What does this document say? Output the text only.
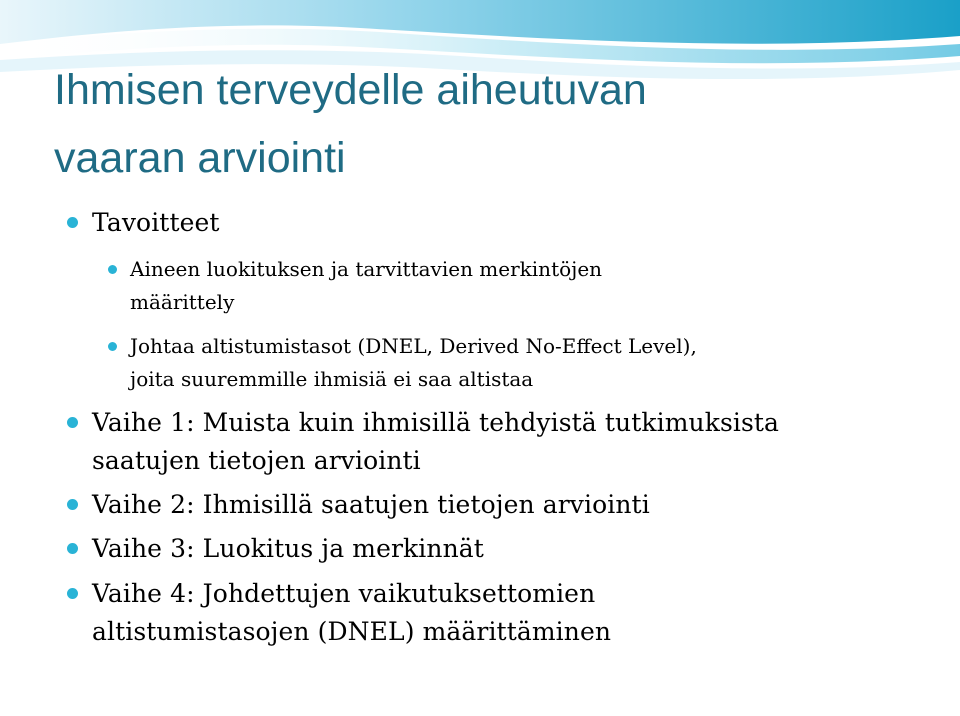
Ihmisen terveydelle aiheutuvan
vaaran arviointi
Tavoitteet
Aineen luokituksen ja tarvittavien merkintöjen
määrittely
Johtaa altistumistasot (DNEL, Derived No-Effect Level),
joita suuremmille ihmisiä ei saa altistaa
Vaihe 1: Muista kuin ihmisillä tehdyistä tutkimuksista
saatujen tietojen arviointi
Vaihe 2: Ihmisillä saatujen tietojen arviointi
Vaihe 3: Luokitus ja merkinnät
Vaihe 4: Johdettujen vaikutuksettomien
altistumistasojen (DNEL) määrittäminen
